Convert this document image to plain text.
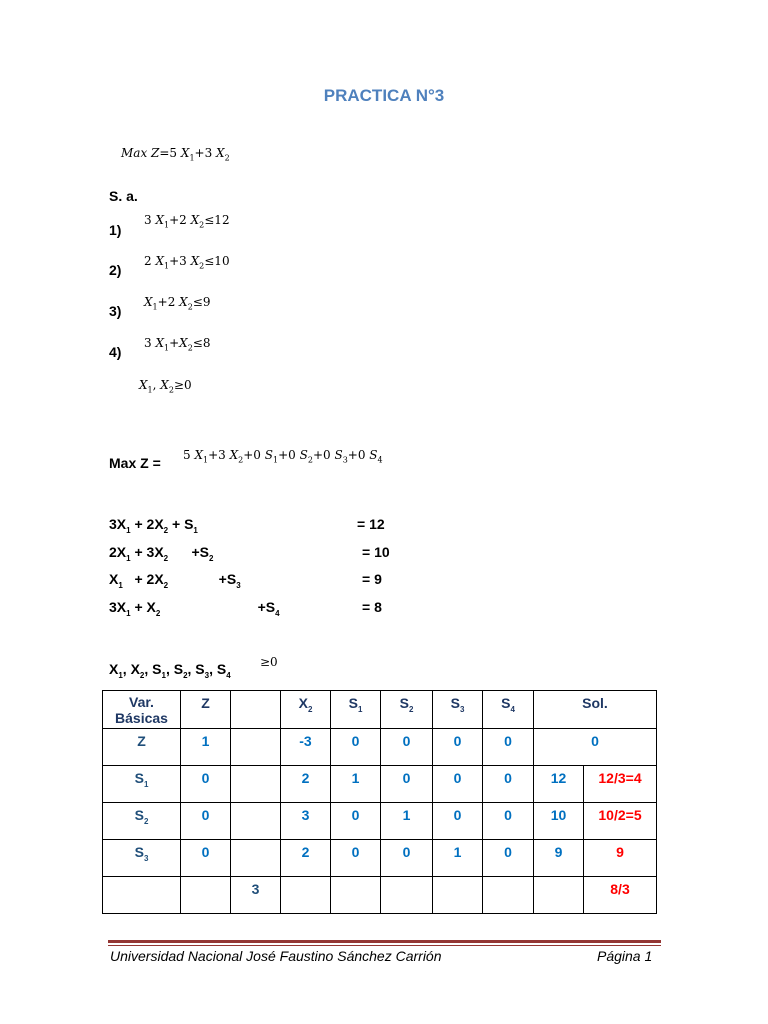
PRACTICA N°3
Max Z=5 $X_1+3$ $X_2$
S. a.
1)
3 $X_1+2$ $X_2\le 12$
2)
2 $X_1+3$ $X_2\le 10$
3)
$X_1+2$ $X_2\le 9$
4)
3 $X_1+X_2\le 8$
$X_1$, $X_2\ge 0$
Max Z = 5 $X_1+3$ $X_2+0$ $S_1+0$ $S_2+0$ $S_3+0$ $S_4$
$3X_1 + 2X_2 + S_1$	= 12
$2X_1 + 3X_2$      $+S_2$	= 10
$X_1 + 2X_2$             $+S_3$	= 9
$3X_1 + X_2$                         $+S_4$	= 8
$X_1$, $X_2$, $S_1$, $S_2$, $S_3$, $S_4$
≥0
Var.
Básicas	Z		$X_2$	$S_1$	$S_2$	$S_3$	$S_4$	Sol.	
Z	1		-3	0	0	0	0	0	
$S_1$	0		2	1	0	0	0	12	12/3=4
$S_2$	0		3	0	1	0	0	10	10/2=5
$S_3$	0		2	0	0	1	0	9	9
		3							8/3
Universidad Nacional José Faustino Sánchez Carrión	Página 1
